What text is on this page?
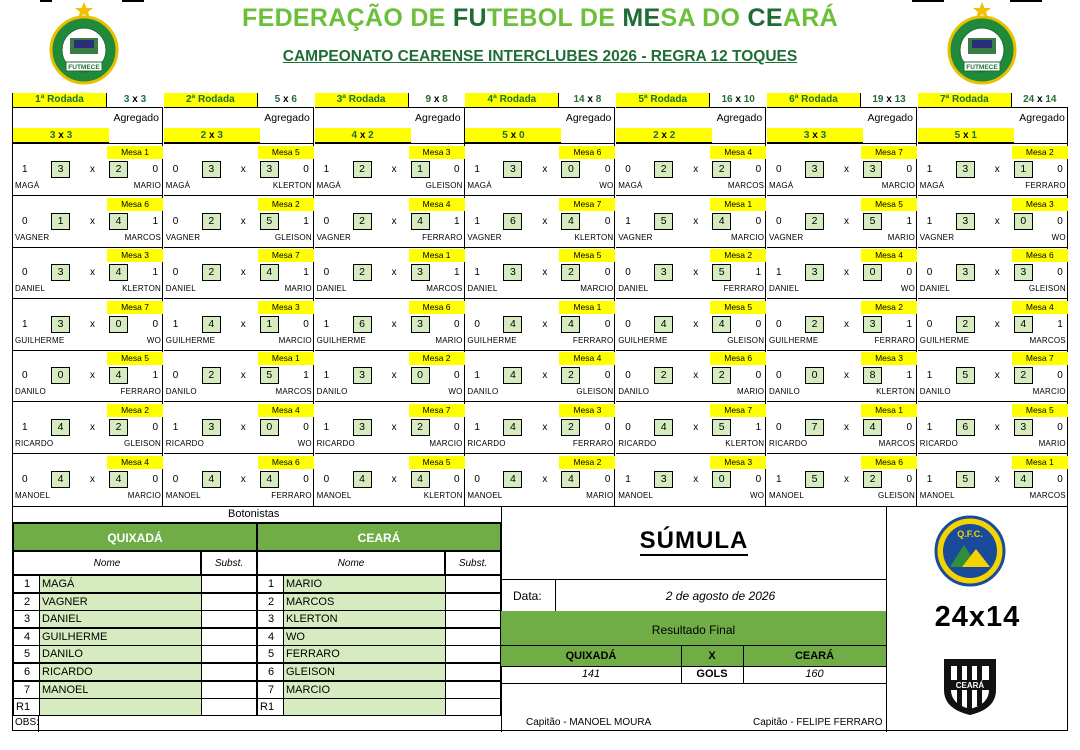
FUTMECE	FUTMECE
FEDERAÇÃO DE FUTEBOL DE MESA DO CEARÁ
CAMPEONATO CEARENSE INTERCLUBES 2026 - REGRA 12 TOQUES
1ª Rodada	3 x 3
Agregado
3 x 3
Mesa 1
1	3	x	2	0
MAGÁ	MARIO
Mesa 6
0	1	x	4	1
VAGNER	MARCOS
Mesa 3
0	3	x	4	1
DANIEL	KLERTON
Mesa 7
1	3	x	0	0
GUILHERME	WO
Mesa 5
0	0	x	4	1
DANILO	FERRARO
Mesa 2
1	4	x	2	0
RICARDO	GLEISON
Mesa 4
0	4	x	4	0
MANOEL	MARCIO
2ª Rodada	5 x 6
Agregado
2 x 3
Mesa 5
0	3	x	3	0
MAGÁ	KLERTON
Mesa 2
0	2	x	5	1
VAGNER	GLEISON
Mesa 7
0	2	x	4	1
DANIEL	MARIO
Mesa 3
1	4	x	1	0
GUILHERME	MARCIO
Mesa 1
0	2	x	5	1
DANILO	MARCOS
Mesa 4
1	3	x	0	0
RICARDO	WO
Mesa 6
0	4	x	4	0
MANOEL	FERRARO
3ª Rodada	9 x 8
Agregado
4 x 2
Mesa 3
1	2	x	1	0
MAGÁ	GLEISON
Mesa 4
0	2	x	4	1
VAGNER	FERRARO
Mesa 1
0	2	x	3	1
DANIEL	MARCOS
Mesa 6
1	6	x	3	0
GUILHERME	MARIO
Mesa 2
1	3	x	0	0
DANILO	WO
Mesa 7
1	3	x	2	0
RICARDO	MARCIO
Mesa 5
0	4	x	4	0
MANOEL	KLERTON
4ª Rodada	14 x 8
Agregado
5 x 0
Mesa 6
1	3	x	0	0
MAGÁ	WO
Mesa 7
1	6	x	4	0
VAGNER	KLERTON
Mesa 5
1	3	x	2	0
DANIEL	MARCIO
Mesa 1
0	4	x	4	0
GUILHERME	FERRARO
Mesa 4
1	4	x	2	0
DANILO	GLEISON
Mesa 3
1	4	x	2	0
RICARDO	FERRARO
Mesa 2
0	4	x	4	0
MANOEL	MARIO
5ª Rodada	16 x 10
Agregado
2 x 2
Mesa 4
0	2	x	2	0
MAGÁ	MARCOS
Mesa 1
1	5	x	4	0
VAGNER	MARCIO
Mesa 2
0	3	x	5	1
DANIEL	FERRARO
Mesa 5
0	4	x	4	0
GUILHERME	GLEISON
Mesa 6
0	2	x	2	0
DANILO	MARIO
Mesa 7
0	4	x	5	1
RICARDO	KLERTON
Mesa 3
1	3	x	0	0
MANOEL	WO
6ª Rodada	19 x 13
Agregado
3 x 3
Mesa 7
0	3	x	3	0
MAGÁ	MARCIO
Mesa 5
0	2	x	5	1
VAGNER	MARIO
Mesa 4
1	3	x	0	0
DANIEL	WO
Mesa 2
0	2	x	3	1
GUILHERME	FERRARO
Mesa 3
0	0	x	8	1
DANILO	KLERTON
Mesa 1
0	7	x	4	0
RICARDO	MARCOS
Mesa 6
1	5	x	2	0
MANOEL	GLEISON
7ª Rodada	24 x 14
Agregado
5 x 1
Mesa 2
1	3	x	1	0
MAGÁ	FERRARO
Mesa 3
1	3	x	0	0
VAGNER	WO
Mesa 6
0	3	x	3	0
DANIEL	GLEISON
Mesa 4
0	2	x	4	1
GUILHERME	MARCOS
Mesa 7
1	5	x	2	0
DANILO	MARCIO
Mesa 5
1	6	x	3	0
RICARDO	MARIO
Mesa 1
1	5	x	4	0
MANOEL	MARCOS
Botonistas
QUIXADÁ	CEARÁ
Nome	Subst.	Nome	Subst.
1	MAGÁ	1	MARIO
2	VAGNER	2	MARCOS
3	DANIEL	3	KLERTON
4	GUILHERME	4	WO
5	DANILO	5	FERRARO
6	RICARDO	6	GLEISON
7	MANOEL	7	MARCIO
R1	R1
OBS:
SÚMULA
Data:	2 de agosto de 2026
Resultado Final
QUIXADÁ	X	CEARÁ
141	GOLS	160
Capitão - MANOEL MOURA	Capitão - FELIPE FERRARO
Q.F.C.
24x14
CEARÁ
